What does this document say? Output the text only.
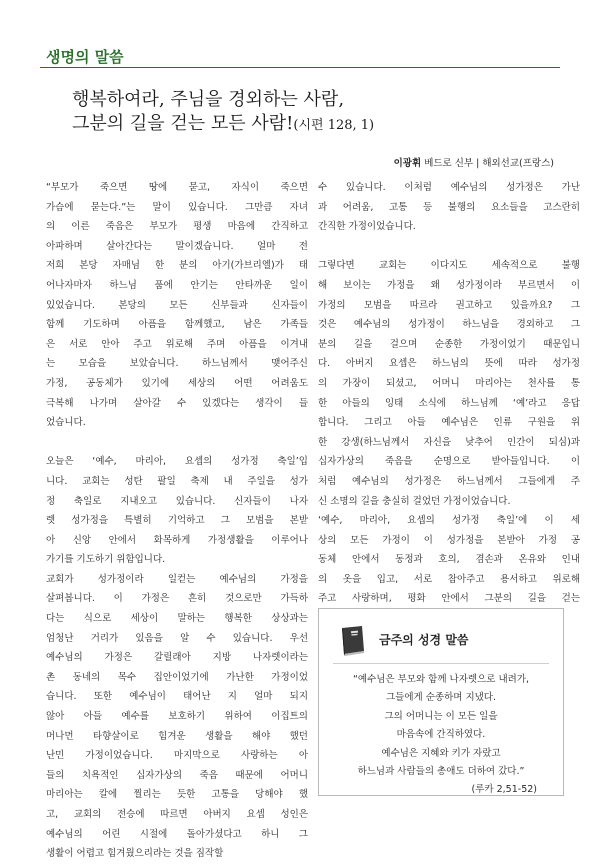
생명의 말씀
행복하여라, 주님을 경외하는 사람,
그분의 길을 걷는 모든 사람!(시편 128, 1)
이광휘 베드로 신부 | 해외선교(프랑스)
“부모가 죽으면 땅에 묻고, 자식이 죽으면
가슴에 묻는다.”는 말이 있습니다. 그만큼 자녀
의 이른 죽음은 부모가 평생 마음에 간직하고
아파하며 살아간다는 말이겠습니다. 얼마 전
저희 본당 자매님 한 분의 아기(가브리엘)가 태
어나자마자 하느님 품에 안기는 안타까운 일이
있었습니다. 본당의 모든 신부들과 신자들이
함께 기도하며 아픔을 함께했고, 남은 가족들
은 서로 안아 주고 위로해 주며 아픔을 이겨내
는 모습을 보았습니다. 하느님께서 맺어주신
가정, 공동체가 있기에 세상의 어떤 어려움도
극복해 나가며 살아갈 수 있겠다는 생각이 들
었습니다.
오늘은 ‘예수, 마리아, 요셉의 성가정 축일’입
니다. 교회는 성탄 팔일 축제 내 주일을 성가
정 축일로 지내오고 있습니다. 신자들이 나자
렛 성가정을 특별히 기억하고 그 모범을 본받
아 신앙 안에서 화목하게 가정생활을 이루어나
가기를 기도하기 위함입니다.
교회가 성가정이라 일컫는 예수님의 가정을
살펴봅니다. 이 가정은 흔히 것으로만 가득하
다는 식으로 세상이 말하는 행복한 상상과는
엄청난 거리가 있음을 알 수 있습니다. 우선
예수님의 가정은 갈릴래아 지방 나자렛이라는
촌 동네의 목수 집안이었기에 가난한 가정이었
습니다. 또한 예수님이 태어난 지 얼마 되지
않아 아들 예수를 보호하기 위하여 이집트의
머나먼 타향살이로 힘겨운 생활을 해야 했던
난민 가정이었습니다. 마지막으로 사랑하는 아
들의 치욕적인 십자가상의 죽음 때문에 어머니
마리아는 칼에 찔리는 듯한 고통을 당해야 했
고, 교회의 전승에 따르면 아버지 요셉 성인은
예수님의 어린 시절에 돌아가셨다고 하니 그
생활이 어렵고 힘겨웠으리라는 것을 짐작할
수 있습니다. 이처럼 예수님의 성가정은 가난
과 어려움, 고통 등 불행의 요소들을 고스란히
간직한 가정이었습니다.
그렇다면 교회는 이다지도 세속적으로 불행
해 보이는 가정을 왜 성가정이라 부르면서 이
가정의 모범을 따르라 권고하고 있을까요? 그
것은 예수님의 성가정이 하느님을 경외하고 그
분의 길을 걸으며 순종한 가정이었기 때문입니
다. 아버지 요셉은 하느님의 뜻에 따라 성가정
의 가장이 되셨고, 어머니 마리아는 천사를 통
한 아들의 잉태 소식에 하느님께 ‘예’라고 응답
합니다. 그리고 아들 예수님은 인류 구원을 위
한 강생(하느님께서 자신을 낮추어 인간이 되심)과
십자가상의 죽음을 순명으로 받아들입니다. 이
처럼 예수님의 성가정은 하느님께서 그들에게 주
신 소명의 길을 충실히 걸었던 가정이었습니다.
‘예수, 마리아, 요셉의 성가정 축일’에 이 세
상의 모든 가정이 이 성가정을 본받아 가정 공
동체 안에서 동정과 호의, 겸손과 온유와 인내
의 옷을 입고, 서로 참아주고 용서하고 위로해
주고 사랑하며, 평화 안에서 그분의 길을 걷는
금주의 성경 말씀
“예수님은 부모와 함께 나자렛으로 내려가,
그들에게 순종하며 지냈다.
그의 어머니는 이 모든 일을
마음속에 간직하였다.
예수님은 지혜와 키가 자랐고
하느님과 사람들의 총애도 더하여 갔다.”
(루카 2,51-52)
